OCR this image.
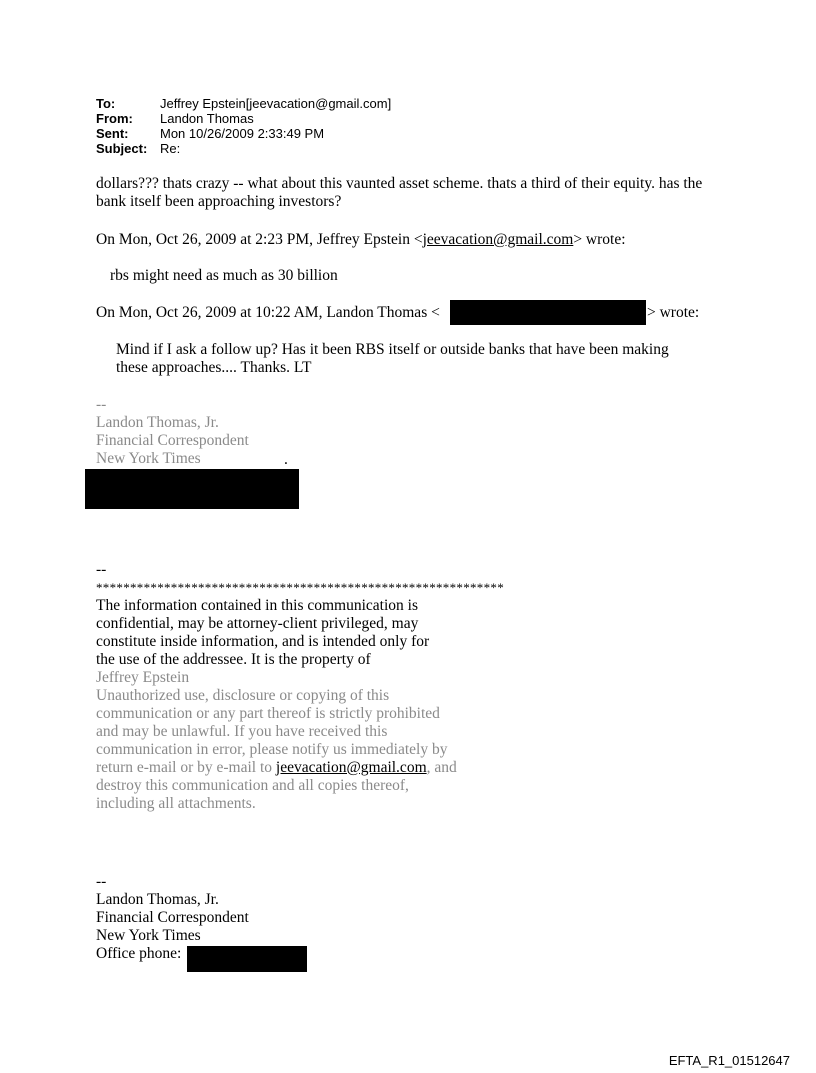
To:	Jeffrey Epstein[jeevacation@gmail.com]
From:	Landon Thomas
Sent:	Mon 10/26/2009 2:33:49 PM
Subject: Re:
dollars??? thats crazy -- what about this vaunted asset scheme. thats a third of their equity. has the
bank itself been approaching investors?
On Mon, Oct 26, 2009 at 2:23 PM, Jeffrey Epstein <jeevacation@gmail.com> wrote:
rbs might need as much as 30 billion
On Mon, Oct 26, 2009 at 10:22 AM, Landon Thomas <	> wrote:
Mind if I ask a follow up? Has it been RBS itself or outside banks that have been making
these approaches.... Thanks. LT
--
Landon Thomas, Jr.
Financial Correspondent
New York Times	.
--
************************************************************
The information contained in this communication is
confidential, may be attorney-client privileged, may
constitute inside information, and is intended only for
the use of the addressee. It is the property of
Jeffrey Epstein
Unauthorized use, disclosure or copying of this
communication or any part thereof is strictly prohibited
and may be unlawful. If you have received this
communication in error, please notify us immediately by
return e-mail or by e-mail to jeevacation@gmail.com, and
destroy this communication and all copies thereof,
including all attachments.
--
Landon Thomas, Jr.
Financial Correspondent
New York Times
Office phone:
EFTA_R1_01512647
